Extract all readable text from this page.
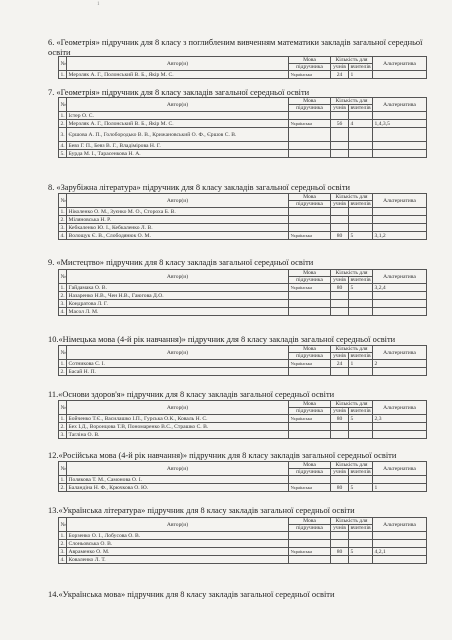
1
6. «Геометрія» підручник для 8 класу з поглибленим вивченням математики закладів загальної середньої освіти
№	Автор(и)	Мова	Кількість для		Альтернатива
		підручника	учнів	вчителів	
1.	Мерзляк А. Г., Полонський В. Б., Якір М. С.	Українська	24	1	
7. «Геометрія» підручник для 8 класу закладів загальної середньої освіти
№	Автор(и)	Мова	Кількість для		Альтернатива
		підручника	учнів	вчителів	
1.	Істер О. С.				
2.	Мерзляк А. Г., Полонський В. Б., Якір М. С.	Українська	56	4	1,4,3,5
3.	Єршова А. П., Голобородько В. В., Крижановський О. Ф., Єршов С. В.				
4.	Бевз Г. П., Бевз В. Г., Владімірова Н. Г.				
5.	Бурда М. І., Тарасенкова Н. А.				
8. «Зарубіжна література» підручник для 8 класу закладів загальної середньої освіти
№	Автор(и)	Мова	Кількість для		Альтернатива
		підручника	учнів	вчителів	
1.	Ніколенко О. М., Зуєнко М. О., Стороха Б. В.				
2.	Міляновська Н. Р.				
3.	Кебкаленко Ю. І., Кебкаленко Л. В.				
4.	Волощук Є. В., Слободянюк О. М.	Українська	80	5	3,1,2
9. «Мистецтво» підручник для 8 класу закладів загальної середньої освіти
№	Автор(и)	Мова	Кількість для		Альтернатива
		підручника	учнів	вчителів	
1.	Гайдамака О. В.	Українська	80	5	3,2,4
2.	Назаренко Н.В., Чен Н.В., Гаюгова Д.О.				
3.	Кондратова Л. Г.				
4.	Масол Л. М.				
10.«Німецька мова (4-й рік навчання)» підручник для 8 класу закладів загальної середньої освіти
№	Автор(и)	Мова	Кількість для		Альтернатива
		підручника	учнів	вчителів	
1.	Сотникова С. І.	Українська	24	1	2
2.	Басай Н. П.				
11.«Основи здоров'я» підручник для 8 класу закладів загальної середньої освіти
№	Автор(и)	Мова	Кількість для		Альтернатива
		підручника	учнів	вчителів	
1.	Бойченко Т.Є., Василашко І.П., Гурська О.К., Коваль Н. С.	Українська	80	5	2,3
2.	Бех І.Д., Воронцова Т.В, Пономаренко В.С., Страшко С. В.				
3.	Тагліна О. В.				
12.«Російська мова (4-й рік навчання)» підручник для 8 класу закладів загальної середньої освіти
№	Автор(и)	Мова	Кількість для		Альтернатива
		підручника	учнів	вчителів	
1.	Полякова Т. М., Самонова О. І.				
2.	Баландіна Н. Ф., Крючкова О. Ю.	Українська	80	5	1
13.«Українська література» підручник для 8 класу закладів загальної середньої освіти
№	Автор(и)	Мова	Кількість для		Альтернатива
		підручника	учнів	вчителів	
1.	Борзенко О. І., Лобусова О. В.				
2.	Слоньовська О. В.				
3.	Авраменко О. М.	Українська	80	5	4,2,1
4.	Коваленко Л. Т.				
14.«Українська мова» підручник для 8 класу закладів загальної середньої освіти
